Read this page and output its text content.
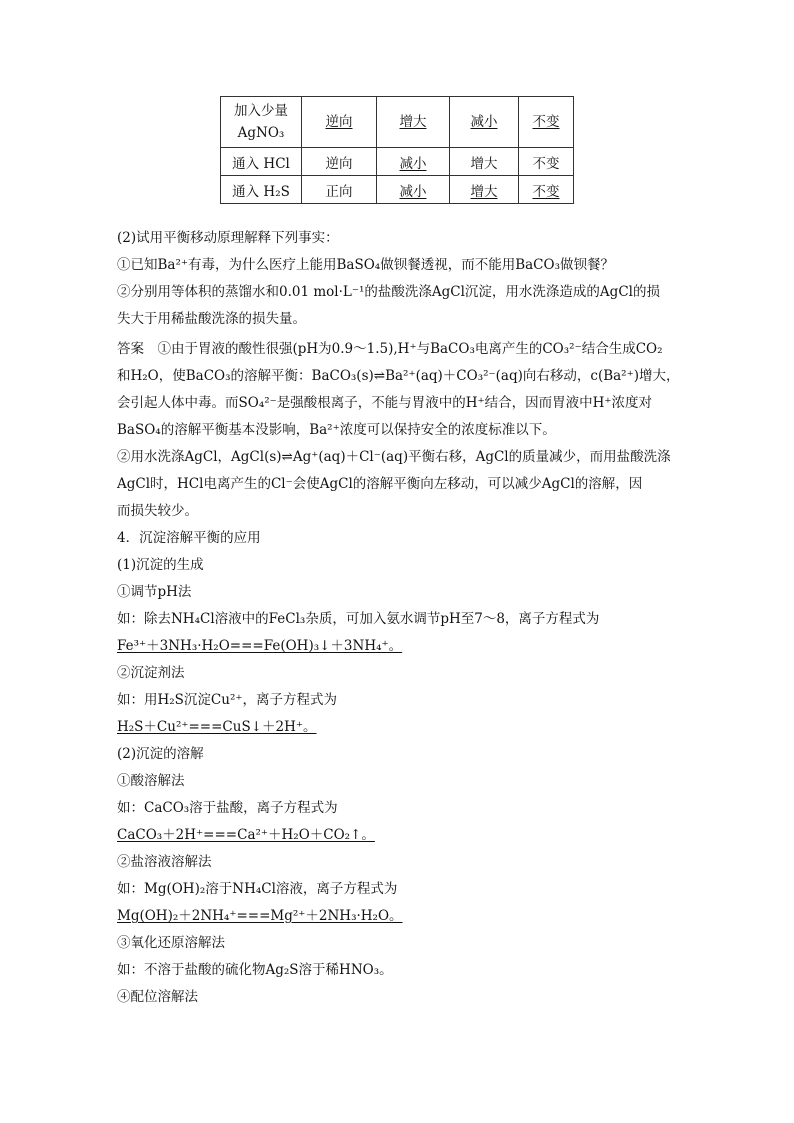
加入少量AgNO₃	逆向	增大	减小	不变
通入 HCl	逆向	减小	增大	不变
通入 H₂S	正向	减小	增大	不变
(2)试用平衡移动原理解释下列事实：
①已知Ba²⁺有毒，为什么医疗上能用BaSO₄做钡餐透视，而不能用BaCO₃做钡餐？
②分别用等体积的蒸馏水和0.01 mol·L⁻¹的盐酸洗涤AgCl沉淀，用水洗涤造成的AgCl的损
失大于用稀盐酸洗涤的损失量。
答案　①由于胃液的酸性很强(pH为0.9～1.5),H⁺与BaCO₃电离产生的CO₃²⁻结合生成CO₂
和H₂O，使BaCO₃的溶解平衡：BaCO₃(s)⇌Ba²⁺(aq)＋CO₃²⁻(aq)向右移动，c(Ba²⁺)增大，
会引起人体中毒。而SO₄²⁻是强酸根离子，不能与胃液中的H⁺结合，因而胃液中H⁺浓度对
BaSO₄的溶解平衡基本没影响，Ba²⁺浓度可以保持安全的浓度标准以下。
②用水洗涤AgCl，AgCl(s)⇌Ag⁺(aq)＋Cl⁻(aq)平衡右移，AgCl的质量减少，而用盐酸洗涤
AgCl时，HCl电离产生的Cl⁻会使AgCl的溶解平衡向左移动，可以减少AgCl的溶解，因
而损失较少。
4．沉淀溶解平衡的应用
(1)沉淀的生成
①调节pH法
如：除去NH₄Cl溶液中的FeCl₃杂质，可加入氨水调节pH至7～8，离子方程式为
Fe³⁺＋3NH₃·H₂O===Fe(OH)₃↓＋3NH₄⁺。
②沉淀剂法
如：用H₂S沉淀Cu²⁺，离子方程式为
H₂S＋Cu²⁺===CuS↓＋2H⁺。
(2)沉淀的溶解
①酸溶解法
如：CaCO₃溶于盐酸，离子方程式为
CaCO₃＋2H⁺===Ca²⁺＋H₂O＋CO₂↑。
②盐溶液溶解法
如：Mg(OH)₂溶于NH₄Cl溶液，离子方程式为
Mg(OH)₂＋2NH₄⁺===Mg²⁺＋2NH₃·H₂O。
③氧化还原溶解法
如：不溶于盐酸的硫化物Ag₂S溶于稀HNO₃。
④配位溶解法
